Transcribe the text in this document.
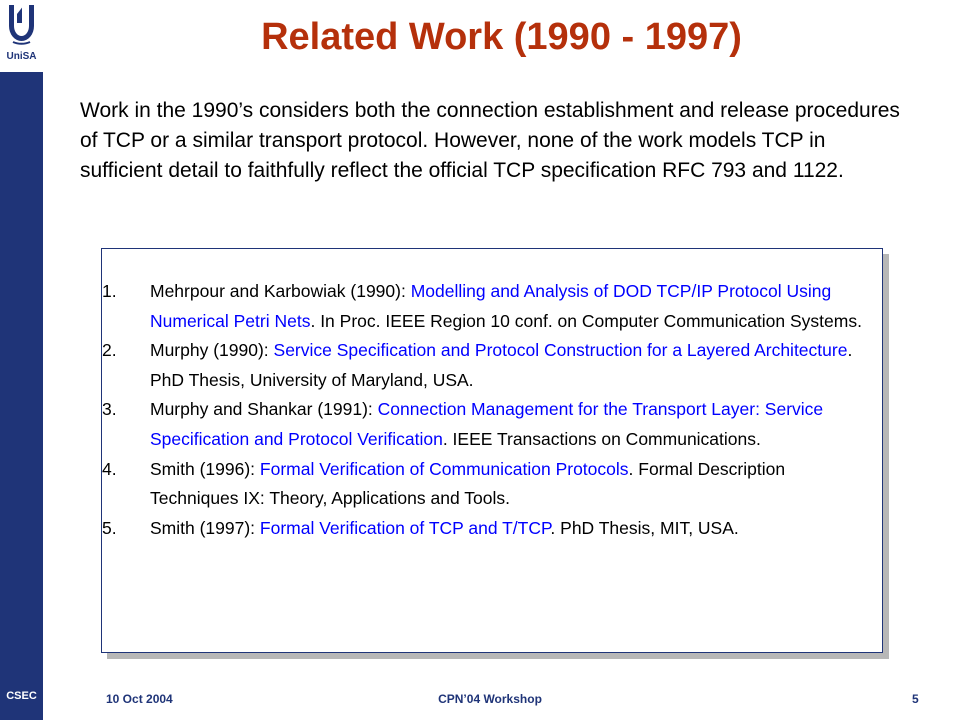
UniSA
CSEC
Related Work (1990 - 1997)
Work in the 1990’s considers both the connection establishment and release procedures of TCP or a similar transport protocol. However, none of the work models TCP in sufficient detail to faithfully reflect the official TCP specification RFC 793 and 1122.
1. Mehrpour and Karbowiak (1990): Modelling and Analysis of DOD TCP/IP Protocol Using Numerical Petri Nets. In Proc. IEEE Region 10 conf. on Computer Communication Systems.
2. Murphy (1990): Service Specification and Protocol Construction for a Layered Architecture. PhD Thesis, University of Maryland, USA.
3. Murphy and Shankar (1991): Connection Management for the Transport Layer: Service Specification and Protocol Verification. IEEE Transactions on Communications.
4. Smith (1996): Formal Verification of Communication Protocols. Formal Description Techniques IX: Theory, Applications and Tools.
5. Smith (1997): Formal Verification of TCP and T/TCP. PhD Thesis, MIT, USA.
10 Oct 2004	CPN’04 Workshop	5
